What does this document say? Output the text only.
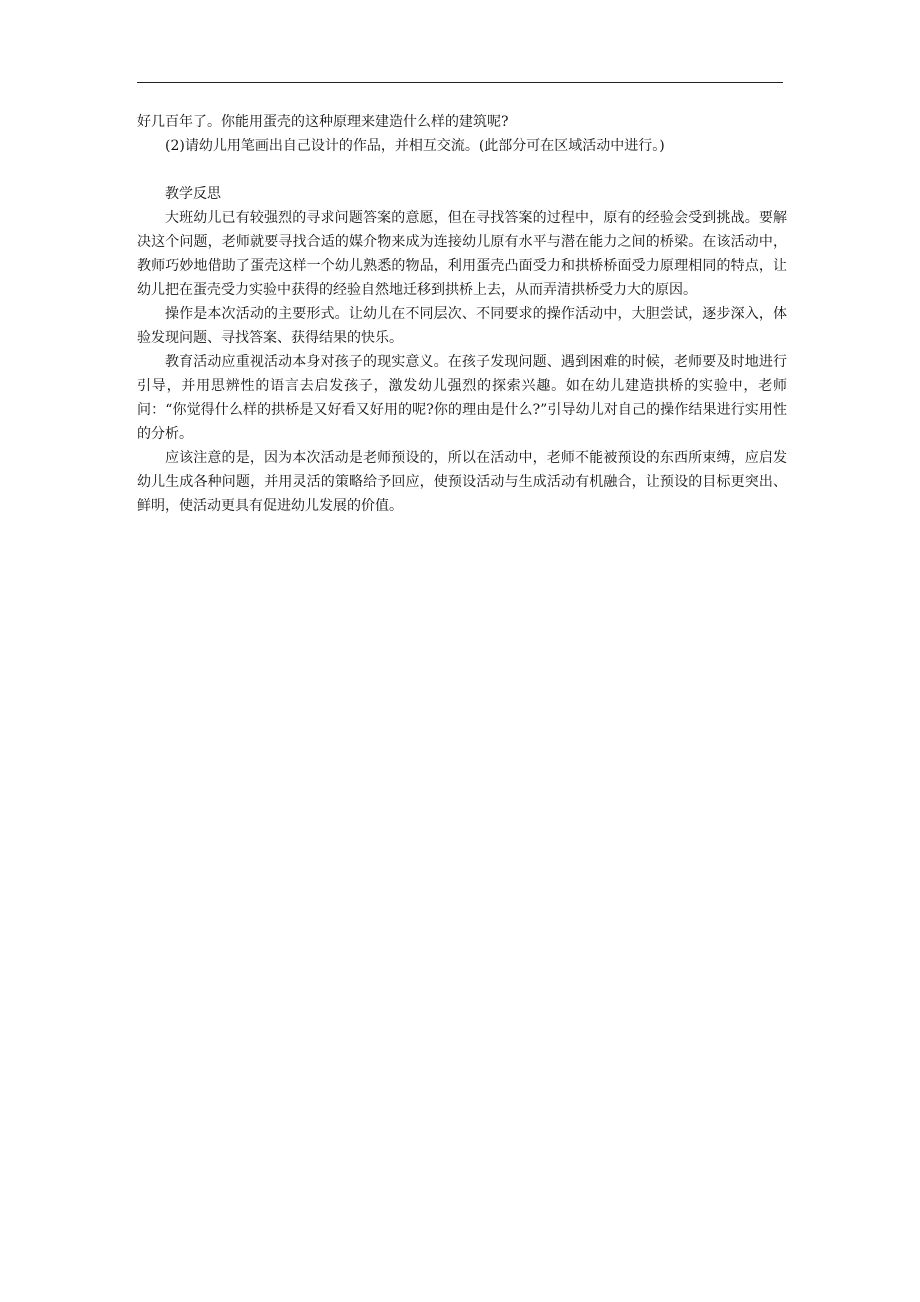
好几百年了。你能用蛋壳的这种原理来建造什么样的建筑呢?

(2)请幼儿用笔画出自己设计的作品，并相互交流。(此部分可在区域活动中进行。)

教学反思

大班幼儿已有较强烈的寻求问题答案的意愿，但在寻找答案的过程中，原有的经验会受到挑战。要解决这个问题，老师就要寻找合适的媒介物来成为连接幼儿原有水平与潜在能力之间的桥梁。在该活动中，教师巧妙地借助了蛋壳这样一个幼儿熟悉的物品，利用蛋壳凸面受力和拱桥桥面受力原理相同的特点，让幼儿把在蛋壳受力实验中获得的经验自然地迁移到拱桥上去，从而弄清拱桥受力大的原因。

操作是本次活动的主要形式。让幼儿在不同层次、不同要求的操作活动中，大胆尝试，逐步深入，体验发现问题、寻找答案、获得结果的快乐。

教育活动应重视活动本身对孩子的现实意义。在孩子发现问题、遇到困难的时候，老师要及时地进行引导，并用思辨性的语言去启发孩子，激发幼儿强烈的探索兴趣。如在幼儿建造拱桥的实验中，老师问：“你觉得什么样的拱桥是又好看又好用的呢?你的理由是什么?”引导幼儿对自己的操作结果进行实用性的分析。

应该注意的是，因为本次活动是老师预设的，所以在活动中，老师不能被预设的东西所束缚，应启发幼儿生成各种问题，并用灵活的策略给予回应，使预设活动与生成活动有机融合，让预设的目标更突出、鲜明，使活动更具有促进幼儿发展的价值。
